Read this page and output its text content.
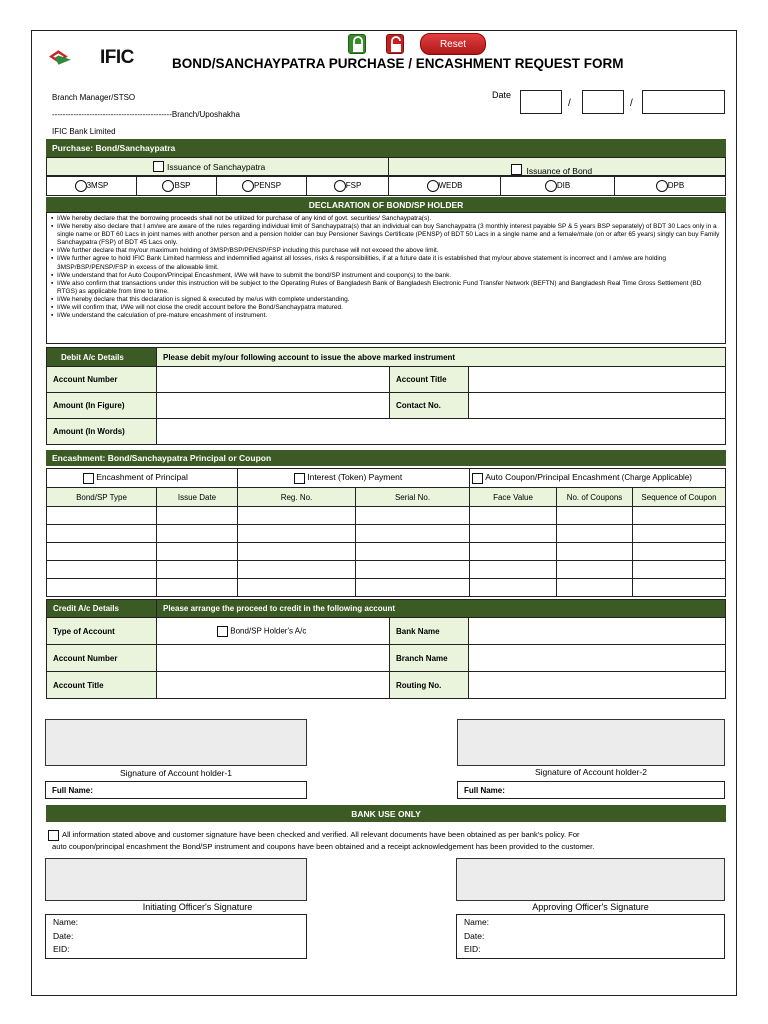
IFIC
Reset
BOND/SANCHAYPATRA PURCHASE / ENCASHMENT REQUEST FORM
Branch Manager/STSO
---------------------------------------------Branch/Uposhakha
IFIC Bank Limited
Date
/	/
Purchase: Bond/Sanchaypatra
Issuance of Sanchaypatra	Issuance of Bond
3MSP	BSP	PENSP	FSP	WEDB	DIB	DPB
DECLARATION OF BOND/SP HOLDER
▪ I/We hereby declare that the borrowing proceeds shall not be utilized for purchase of any kind of govt. securities/ Sanchaypatra(s).
▪ I/We hereby also declare that I am/we are aware of the rules regarding individual limit of Sanchaypatra(s) that an individual can buy Sanchaypatra (3 monthly interest payable SP & 5 years BSP separately) of BDT 30 Lacs only in a single name or BDT 60 Lacs in joint names with another person and a pension holder can buy Pensioner Savings Certificate (PENSP) of BDT 50 Lacs in a single name and a female/male (on or after 65 years) singly can buy Family Sanchaypatra (FSP) of BDT 45 Lacs only.
▪ I/We further declare that my/our maximum holding of 3MSP/BSP/PENSP/FSP including this purchase will not exceed the above limit.
▪ I/We further agree to hold IFIC Bank Limited harmless and indemnified against all losses, risks & responsibilities, if at a future date it is established that my/our above statement is incorrect and I am/we are holding 3MSP/BSP/PENSP/FSP in excess of the allowable limit.
▪ I/We understand that for Auto Coupon/Principal Encashment, I/We will have to submit the bond/SP instrument and coupon(s) to the bank.
▪ I/We also confirm that transactions under this instruction will be subject to the Operating Rules of Bangladesh Bank of Bangladesh Electronic Fund Transfer Network (BEFTN) and Bangladesh Real Time Gross Settlement (BD RTGS) as applicable from time to time.
▪ I/We hereby declare that this declaration is signed & executed by me/us with complete understanding.
▪ I/We will confirm that, I/We will not close the credit account before the Bond/Sanchaypatra matured.
▪ I/We understand the calculation of pre-mature encashment of instrument.
Debit A/c Details	Please debit my/our following account to issue the above marked instrument		
Account Number		Account Title	
Amount (In Figure)		Contact No.	
Amount (In Words)			
Encashment: Bond/Sanchaypatra Principal or Coupon
Encashment of Principal		Interest (Token) Payment		Auto Coupon/Principal Encashment (Charge Applicable)		
Bond/SP Type	Issue Date	Reg. No.	Serial No.	Face Value	No. of Coupons	Sequence of Coupon

Credit A/c Details	Please arrange the proceed to credit in the following account		
Type of Account	Bond/SP Holder's A/c	Bank Name	
Account Number		Branch Name	
Account Title		Routing No.	
Signature of Account holder-1	Signature of Account holder-2
Full Name:	Full Name:
BANK USE ONLY
All information stated above and customer signature have been checked and verified. All relevant documents have been obtained as per bank's policy. For
auto coupon/principal encashment the Bond/SP instrument and coupons have been obtained and a receipt acknowledgement has been provided to the customer.
Initiating Officer's Signature	Approving Officer's Signature
Name:
Date:
EID:
Name:
Date:
EID:
